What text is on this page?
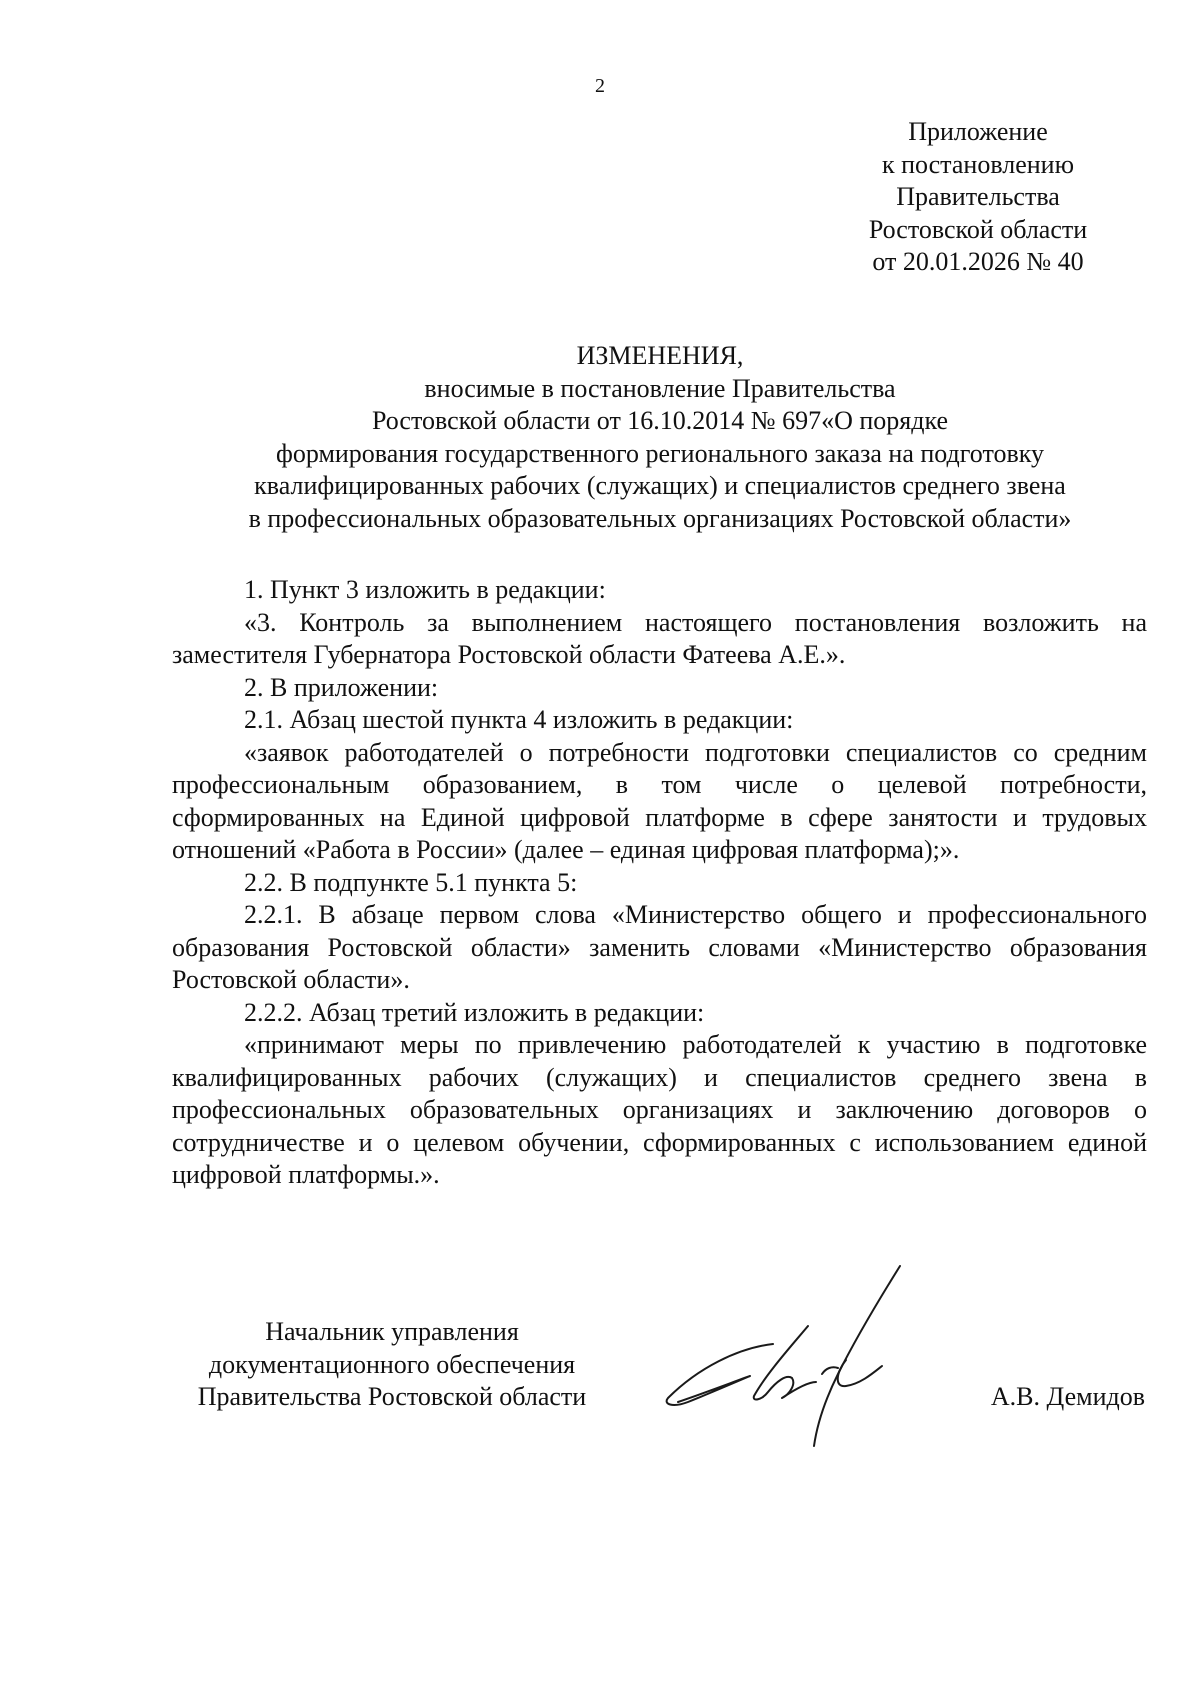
2
Приложение
к постановлению
Правительства
Ростовской области
от 20.01.2026 № 40
ИЗМЕНЕНИЯ,
вносимые в постановление Правительства
Ростовской области от 16.10.2014 № 697«О порядке
формирования государственного регионального заказа на подготовку
квалифицированных рабочих (служащих) и специалистов среднего звена
в профессиональных образовательных организациях Ростовской области»

1. Пункт 3 изложить в редакции:

«3. Контроль за выполнением настоящего постановления возложить на заместителя Губернатора Ростовской области Фатеева А.Е.».

2. В приложении:

2.1. Абзац шестой пункта 4 изложить в редакции:

«заявок работодателей о потребности подготовки специалистов со средним профессиональным образованием, в том числе о целевой потребности, сформированных на Единой цифровой платформе в сфере занятости и трудовых отношений «Работа в России» (далее – единая цифровая платформа);».

2.2. В подпункте 5.1 пункта 5:

2.2.1. В абзаце первом слова «Министерство общего и профессионального образования Ростовской области» заменить словами «Министерство образования Ростовской области».

2.2.2. Абзац третий изложить в редакции:

«принимают меры по привлечению работодателей к участию в подготовке квалифицированных рабочих (служащих) и специалистов среднего звена в профессиональных образовательных организациях и заключению договоров о сотрудничестве и о целевом обучении, сформированных с использованием единой цифровой платформы.».

Начальник управления
документационного обеспечения
Правительства Ростовской области	А.В. Демидов
